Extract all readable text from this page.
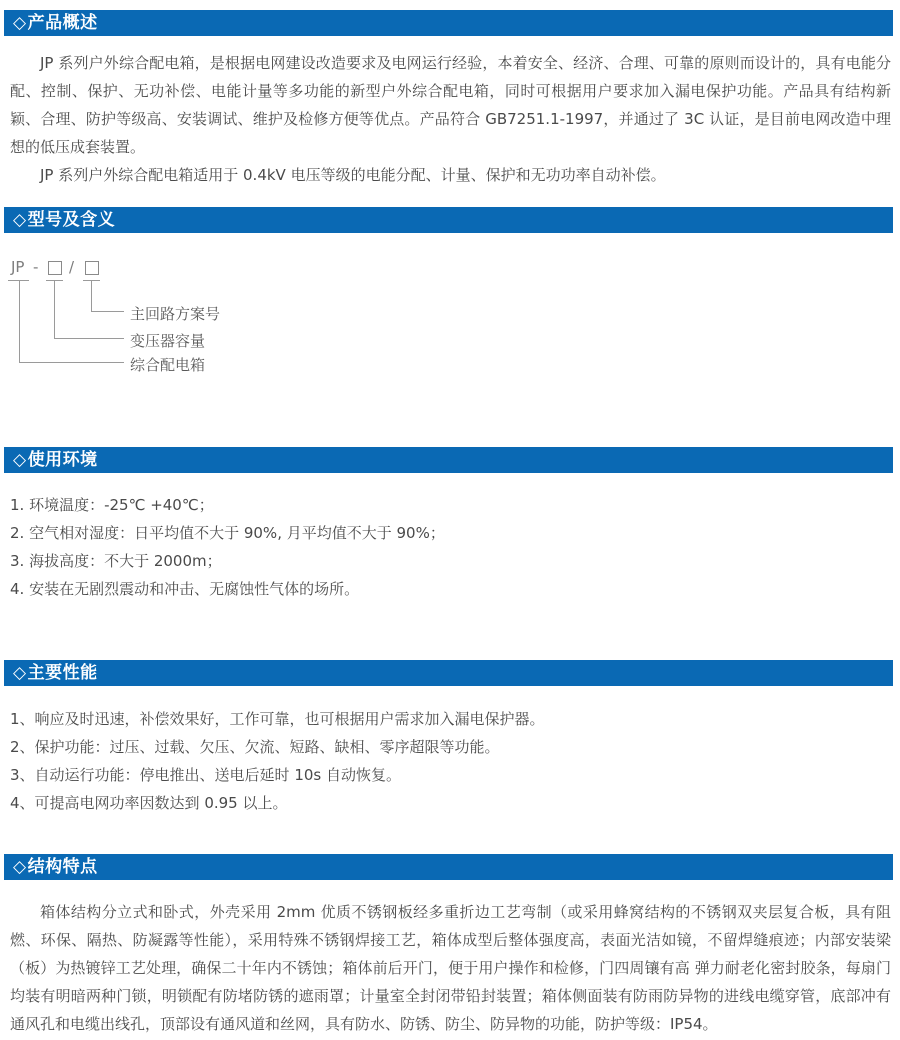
◇产品概述

JP 系列户外综合配电箱，是根据电网建设改造要求及电网运行经验，本着安全、经济、合理、可靠的原则而设计的，具有电能分配、控制、保护、无功补偿、电能计量等多功能的新型户外综合配电箱，同时可根据用户要求加入漏电保护功能。产品具有结构新颖、合理、防护等级高、安装调试、维护及检修方便等优点。产品符合 GB7251.1-1997，并通过了 3C 认证，是目前电网改造中理想的低压成套装置。

JP 系列户外综合配电箱适用于 0.4kV 电压等级的电能分配、计量、保护和无功功率自动补偿。

◇型号及含义
JP - /
主回路方案号
变压器容量
综合配电箱
◇使用环境
1. 环境温度：-25℃ +40℃；
2. 空气相对湿度：日平均值不大于 90%, 月平均值不大于 90%；
3. 海拔高度：不大于 2000m；
4. 安装在无剧烈震动和冲击、无腐蚀性气体的场所。
◇主要性能
1、响应及时迅速，补偿效果好，工作可靠，也可根据用户需求加入漏电保护器。
2、保护功能：过压、过载、欠压、欠流、短路、缺相、零序超限等功能。
3、自动运行功能：停电推出、送电后延时 10s 自动恢复。
4、可提高电网功率因数达到 0.95 以上。
◇结构特点

箱体结构分立式和卧式，外壳采用 2mm 优质不锈钢板经多重折边工艺弯制（或采用蜂窝结构的不锈钢双夹层复合板，具有阻燃、环保、隔热、防凝露等性能），采用特殊不锈钢焊接工艺，箱体成型后整体强度高，表面光洁如镜，不留焊缝痕迹；内部安装梁（板）为热镀锌工艺处理，确保二十年内不锈蚀；箱体前后开门，便于用户操作和检修，门四周镶有高 弹力耐老化密封胶条，每扇门均装有明暗两种门锁，明锁配有防堵防锈的遮雨罩；计量室全封闭带铅封装置；箱体侧面装有防雨防异物的进线电缆穿管，底部冲有通风孔和电缆出线孔，顶部设有通风道和丝网，具有防水、防锈、防尘、防异物的功能，防护等级：IP54。
